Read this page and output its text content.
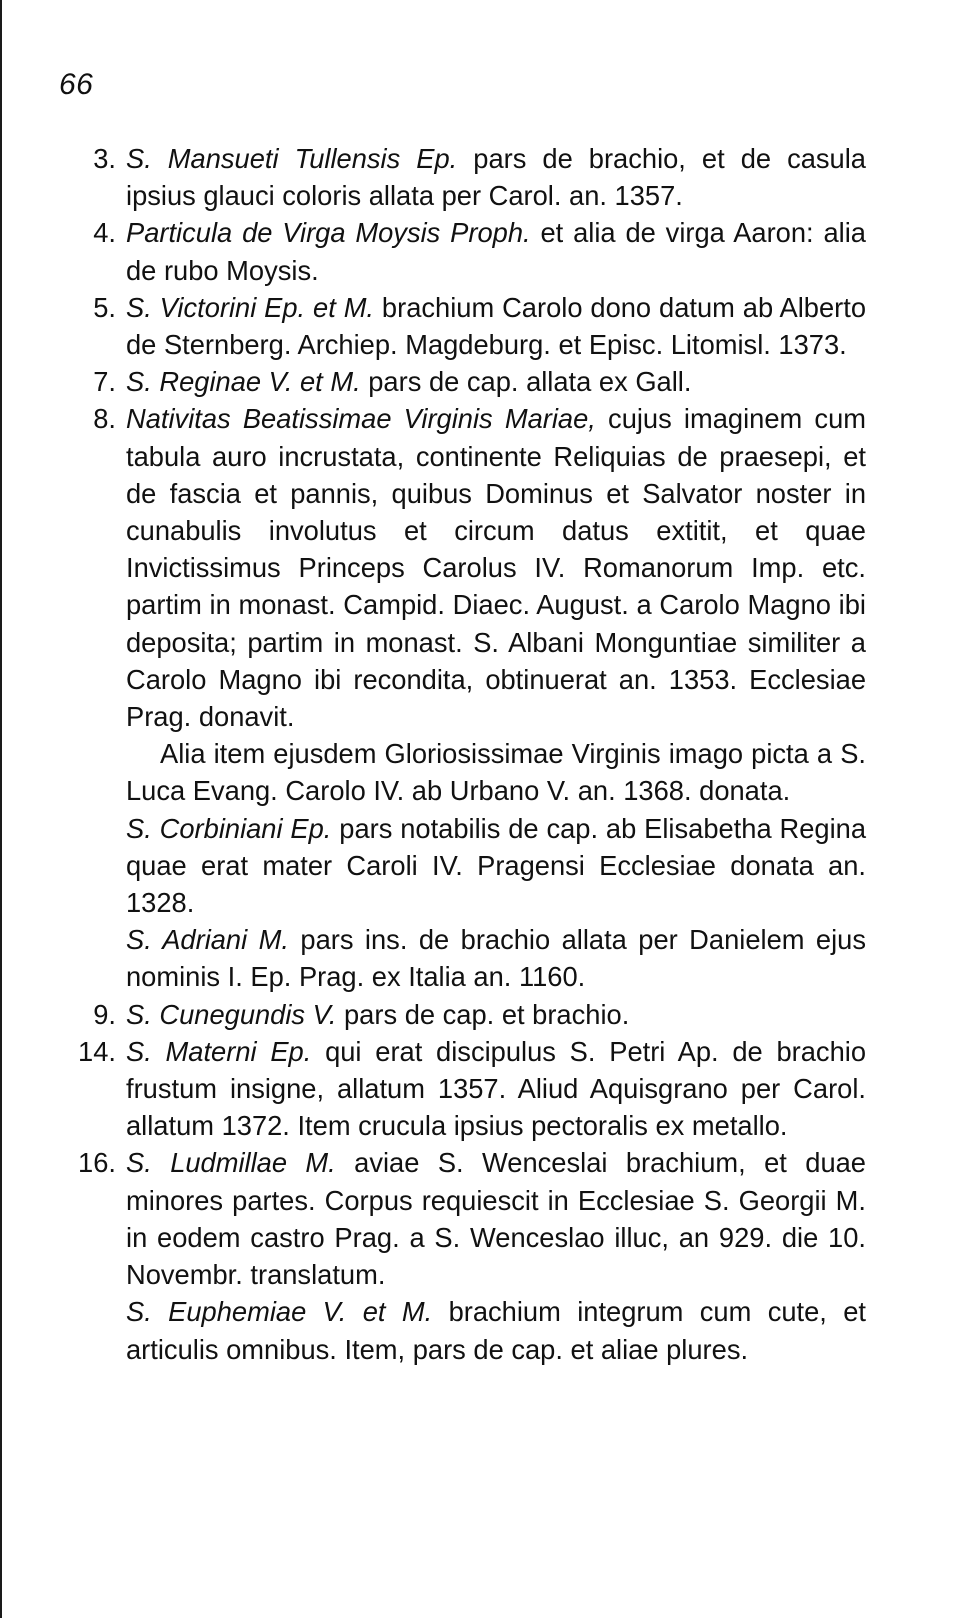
66
3. S. Mansueti Tullensis Ep. pars de brachio, et de casula ipsius glauci coloris allata per Carol. an. 1357.
4. Particula de Virga Moysis Proph. et alia de virga Aaron: alia de rubo Moysis.
5. S. Victorini Ep. et M. brachium Carolo dono datum ab Alberto de Sternberg. Archiep. Magdeburg. et Episc. Litomisl. 1373.
7. S. Reginae V. et M. pars de cap. allata ex Gall.
8. Nativitas Beatissimae Virginis Mariae, cujus imaginem cum tabula auro incrustata, continente Reliquias de praesepi, et de fascia et pannis, quibus Dominus et Salvator noster in cunabulis involutus et circum datus extitit, et quae Invictissimus Princeps Carolus IV. Romanorum Imp. etc. partim in monast. Campid. Diaec. August. a Carolo Magno ibi deposita; partim in monast. S. Albani Monguntiae similiter a Carolo Magno ibi recondita, obtinuerat an. 1353. Ecclesiae Prag. donavit.
Alia item ejusdem Gloriosissimae Virginis imago picta a S. Luca Evang. Carolo IV. ab Urbano V. an. 1368. donata.
S. Corbiniani Ep. pars notabilis de cap. ab Elisabetha Regina quae erat mater Caroli IV. Pragensi Ecclesiae donata an. 1328.
S. Adriani M. pars ins. de brachio allata per Danielem ejus nominis I. Ep. Prag. ex Italia an. 1160.
9. S. Cunegundis V. pars de cap. et brachio.
14. S. Materni Ep. qui erat discipulus S. Petri Ap. de brachio frustum insigne, allatum 1357. Aliud Aquisgrano per Carol. allatum 1372. Item crucula ipsius pectoralis ex metallo.
16. S. Ludmillae M. aviae S. Wenceslai brachium, et duae minores partes. Corpus requiescit in Ecclesiae S. Georgii M. in eodem castro Prag. a S. Wenceslao illuc, an 929. die 10. Novembr. translatum.
S. Euphemiae V. et M. brachium integrum cum cute, et articulis omnibus. Item, pars de cap. et aliae plures.
